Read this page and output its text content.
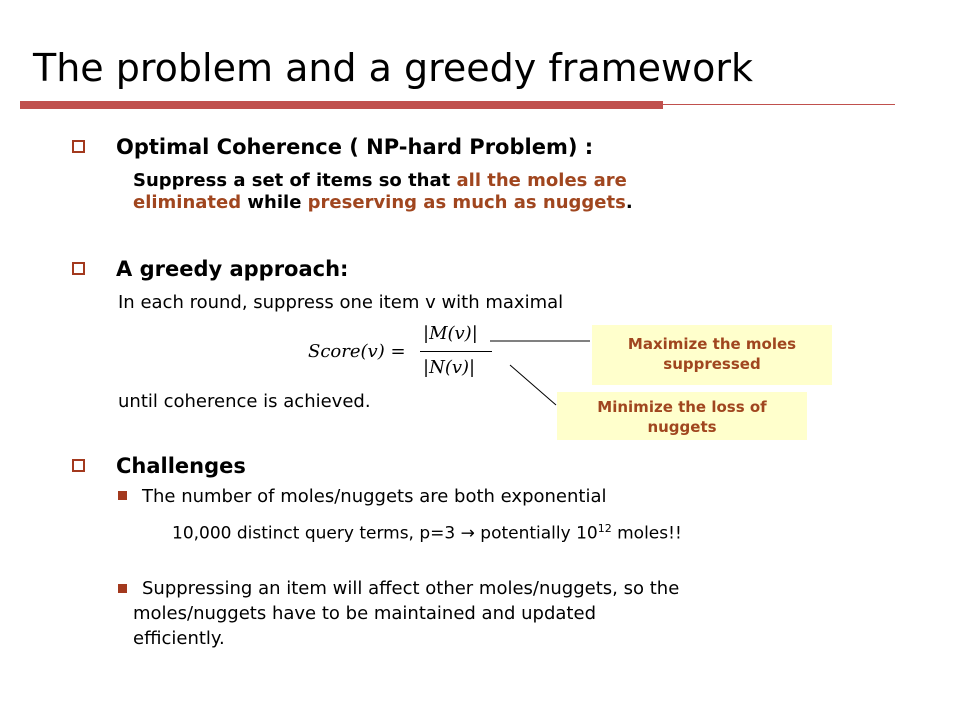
The problem and a greedy framework
Optimal Coherence ( NP-hard Problem) :
Suppress a set of items so that all the moles are
eliminated while preserving as much as nuggets.
A greedy approach:
In each round, suppress one item v with maximal
Score(v) =
|M(v)|
|N(v)|
until coherence is achieved.
Maximize the moles suppressed
Minimize the loss of nuggets
Challenges
The number of moles/nuggets are both exponential
10,000 distinct query terms, p=3 → potentially $10^{12}$ moles!!
Suppressing an item will affect other moles/nuggets, so the
moles/nuggets have to be maintained and updated
efficiently.
